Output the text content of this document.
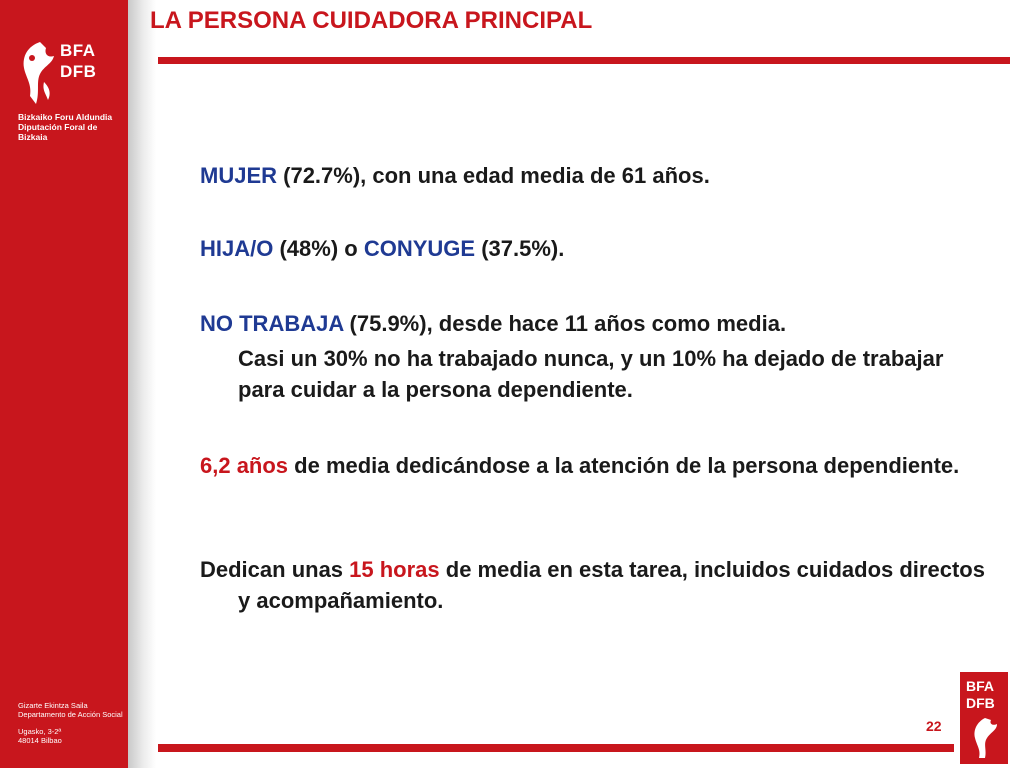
BFA
DFB
Bizkaiko Foru Aldundia
Diputación Foral de Bizkaia
Gizarte Ekintza Saila
Departamento de Acción Social
Ugasko, 3-2ª
48014 Bilbao
LA PERSONA CUIDADORA PRINCIPAL
MUJER (72.7%), con una edad media de 61 años.
HIJA/O (48%) o CONYUGE (37.5%).
NO TRABAJA (75.9%), desde hace 11 años como media.
Casi un 30% no ha trabajado nunca, y un 10% ha dejado de trabajar para cuidar a la persona dependiente.
6,2 años de media dedicándose a la atención de la persona dependiente.
Dedican unas 15 horas de media en esta tarea, incluidos cuidados directos y acompañamiento.
22
BFA
DFB
